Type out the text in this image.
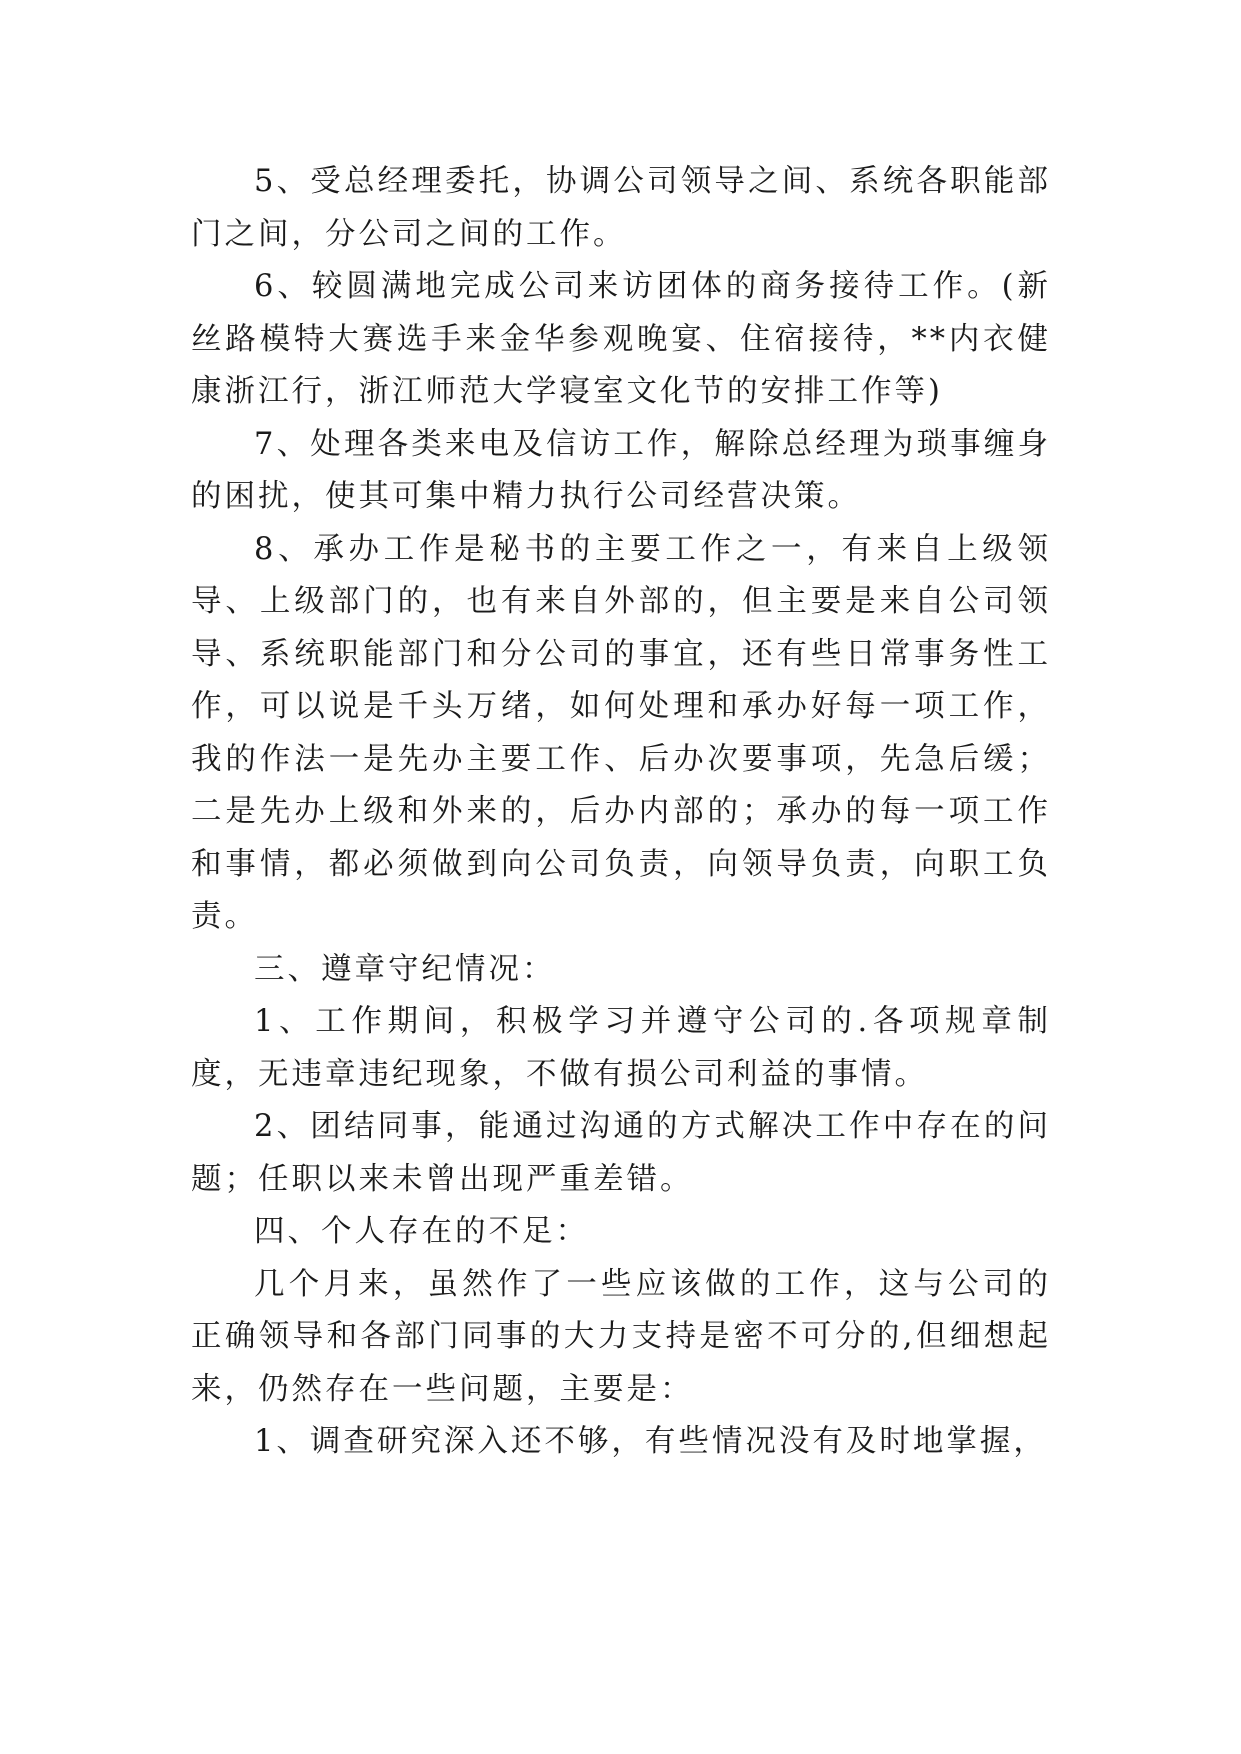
5、受总经理委托，协调公司领导之间、系统各职能部门之间，分公司之间的工作。

6、较圆满地完成公司来访团体的商务接待工作。(新丝路模特大赛选手来金华参观晚宴、住宿接待，**内衣健康浙江行，浙江师范大学寝室文化节的安排工作等)

7、处理各类来电及信访工作，解除总经理为琐事缠身的困扰，使其可集中精力执行公司经营决策。

8、承办工作是秘书的主要工作之一，有来自上级领导、上级部门的，也有来自外部的，但主要是来自公司领导、系统职能部门和分公司的事宜，还有些日常事务性工作，可以说是千头万绪，如何处理和承办好每一项工作，我的作法一是先办主要工作、后办次要事项，先急后缓；二是先办上级和外来的，后办内部的；承办的每一项工作和事情，都必须做到向公司负责，向领导负责，向职工负责。

三、遵章守纪情况：

1、工作期间，积极学习并遵守公司的.各项规章制度，无违章违纪现象，不做有损公司利益的事情。

2、团结同事，能通过沟通的方式解决工作中存在的问题；任职以来未曾出现严重差错。

四、个人存在的不足：

几个月来，虽然作了一些应该做的工作，这与公司的正确领导和各部门同事的大力支持是密不可分的,但细想起来，仍然存在一些问题，主要是：

1、调查研究深入还不够，有些情况没有及时地掌握，
